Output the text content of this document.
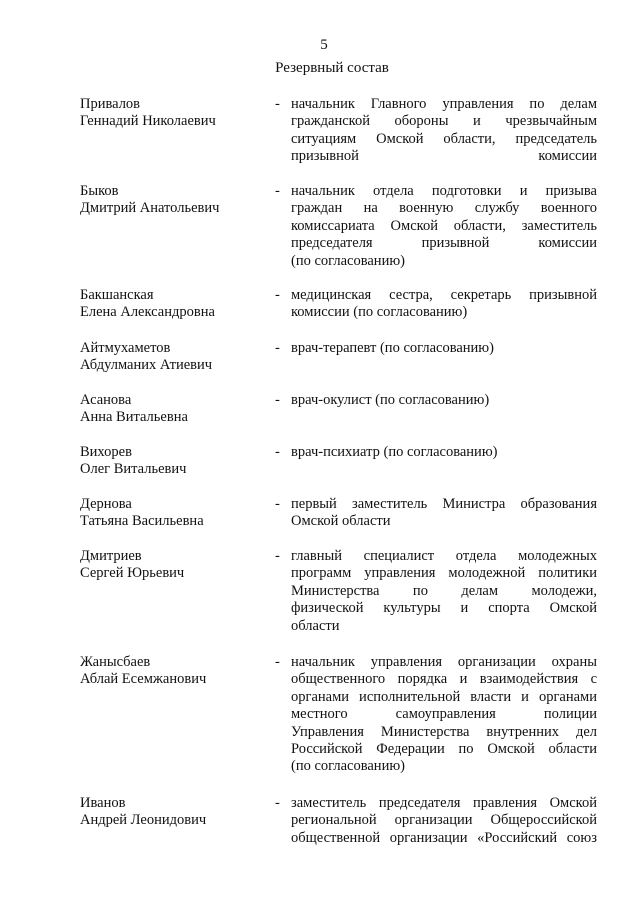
5
Резервный состав
Привалов
Геннадий Николаевич
- начальник Главного управления по делам
гражданской обороны и чрезвычайным
ситуациям Омской области, председатель
призывной комиссии
Быков
Дмитрий Анатольевич
- начальник отдела подготовки и призыва
граждан на военную службу военного
комиссариата Омской области, заместитель
председателя призывной комиссии
(по согласованию)
Бакшанская
Елена Александровна
- медицинская сестра, секретарь призывной
комиссии (по согласованию)
Айтмухаметов
Абдулманих Атиевич
- врач-терапевт (по согласованию)
Асанова
Анна Витальевна
- врач-окулист (по согласованию)
Вихорев
Олег Витальевич
- врач-психиатр (по согласованию)
Дернова
Татьяна Васильевна
- первый заместитель Министра образования
Омской области
Дмитриев
Сергей Юрьевич
- главный специалист отдела молодежных
программ управления молодежной политики
Министерства по делам молодежи,
физической культуры и спорта Омской
области
Жанысбаев
Аблай Есемжанович
- начальник управления организации охраны
общественного порядка и взаимодействия с
органами исполнительной власти и органами
местного самоуправления полиции
Управления Министерства внутренних дел
Российской Федерации по Омской области
(по согласованию)
Иванов
Андрей Леонидович
- заместитель председателя правления Омской
региональной организации Общероссийской
общественной организации «Российский союз
